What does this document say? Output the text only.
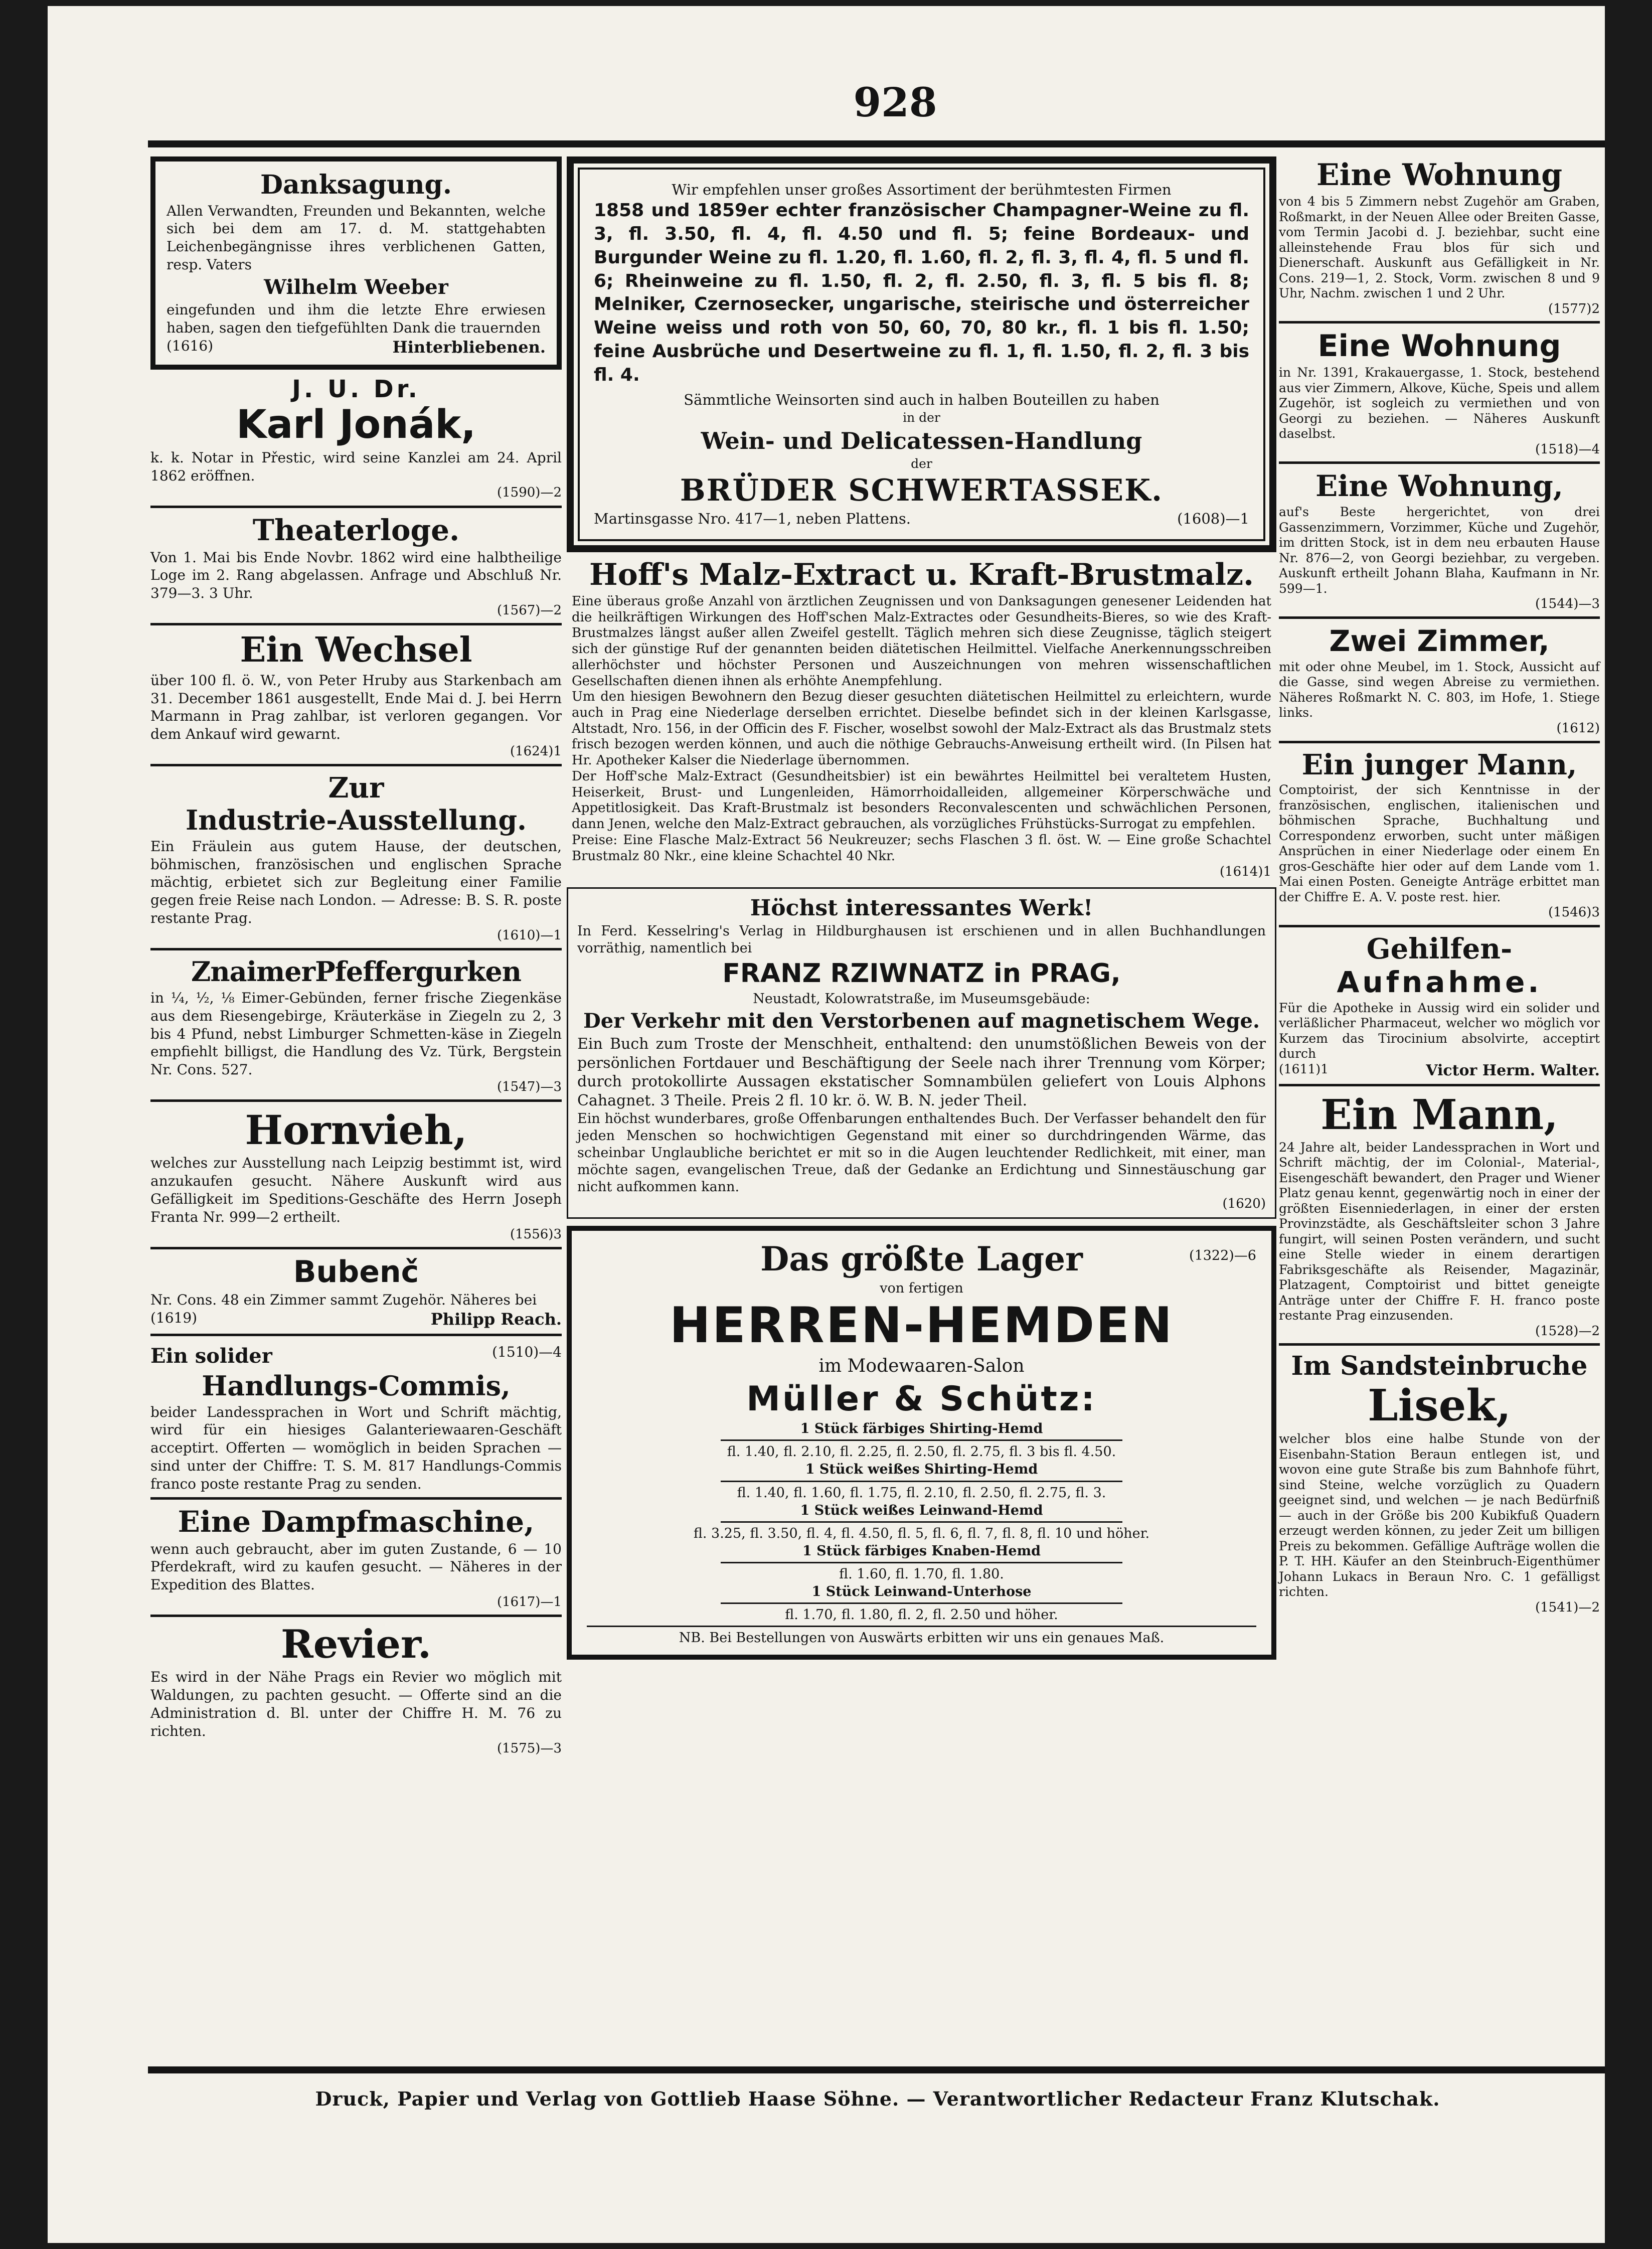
928
Danksagung.

Allen Verwandten, Freunden und Bekannten, welche sich bei dem am 17. d. M. stattgehabten Leichenbegängnisse ihres verblichenen Gatten, resp. Vaters

Wilhelm Weeber

eingefunden und ihm die letzte Ehre erwiesen haben, sagen den tiefgefühlten Dank die trauernden

(1616)	Hinterbliebenen.
J. U. Dr.
Karl Jonák,

k. k. Notar in Přestic, wird seine Kanzlei am 24. April 1862 eröffnen.

(1590)—2
Theaterloge.

Von 1. Mai bis Ende Novbr. 1862 wird eine halbtheilige Loge im 2. Rang abgelassen. Anfrage und Abschluß Nr. 379—3. 3 Uhr.

(1567)—2
Ein Wechsel

über 100 fl. ö. W., von Peter Hruby aus Starkenbach am 31. December 1861 ausgestellt, Ende Mai d. J. bei Herrn Marmann in Prag zahlbar, ist verloren gegangen. Vor dem Ankauf wird gewarnt.

(1624)1
Zur
Industrie-Ausstellung.

Ein Fräulein aus gutem Hause, der deutschen, böhmischen, französischen und englischen Sprache mächtig, erbietet sich zur Begleitung einer Familie gegen freie Reise nach London. — Adresse: B. S. R. poste restante Prag.

(1610)—1
ZnaimerPfeffergurken

in ¼, ½, ⅛ Eimer-Gebünden, ferner frische Ziegenkäse aus dem Riesengebirge, Kräuterkäse in Ziegeln zu 2, 3 bis 4 Pfund, nebst Limburger Schmetten-käse in Ziegeln empfiehlt billigst, die Handlung des Vz. Türk, Bergstein Nr. Cons. 527.

(1547)—3
Hornvieh,

welches zur Ausstellung nach Leipzig bestimmt ist, wird anzukaufen gesucht. Nähere Auskunft wird aus Gefälligkeit im Speditions-Geschäfte des Herrn Joseph Franta Nr. 999—2 ertheilt.

(1556)3
Bubenč

Nr. Cons. 48 ein Zimmer sammt Zugehör. Näheres bei

(1619)	Philipp Reach.
Ein solider	(1510)—4
Handlungs-Commis,

beider Landessprachen in Wort und Schrift mächtig, wird für ein hiesiges Galanteriewaaren-Geschäft acceptirt. Offerten — womöglich in beiden Sprachen — sind unter der Chiffre: T. S. M. 817 Handlungs-Commis franco poste restante Prag zu senden.

Eine Dampfmaschine,

wenn auch gebraucht, aber im guten Zustande, 6 — 10 Pferdekraft, wird zu kaufen gesucht. — Näheres in der Expedition des Blattes.

(1617)—1
Revier.

Es wird in der Nähe Prags ein Revier wo möglich mit Waldungen, zu pachten gesucht. — Offerte sind an die Administration d. Bl. unter der Chiffre H. M. 76 zu richten.

(1575)—3

Wir empfehlen unser großes Assortiment der berühmtesten Firmen

1858 und 1859er echter französischer Champagner-Weine zu fl. 3, fl. 3.50, fl. 4, fl. 4.50 und fl. 5; feine Bordeaux- und Burgunder Weine zu fl. 1.20, fl. 1.60, fl. 2, fl. 3, fl. 4, fl. 5 und fl. 6; Rheinweine zu fl. 1.50, fl. 2, fl. 2.50, fl. 3, fl. 5 bis fl. 8; Melniker, Czernosecker, ungarische, steirische und österreicher Weine weiss und roth von 50, 60, 70, 80 kr., fl. 1 bis fl. 1.50; feine Ausbrüche und Desertweine zu fl. 1, fl. 1.50, fl. 2, fl. 3 bis fl. 4.

Sämmtliche Weinsorten sind auch in halben Bouteillen zu haben

in der

Wein- und Delicatessen-Handlung

der

BRÜDER SCHWERTASSEK.
Martinsgasse Nro. 417—1, neben Plattens.	(1608)—1
Hoff's Malz-Extract u. Kraft-Brustmalz.

Eine überaus große Anzahl von ärztlichen Zeugnissen und von Danksagungen genesener Leidenden hat die heilkräftigen Wirkungen des Hoff'schen Malz-Extractes oder Gesundheits-Bieres, so wie des Kraft-Brustmalzes längst außer allen Zweifel gestellt. Täglich mehren sich diese Zeugnisse, täglich steigert sich der günstige Ruf der genannten beiden diätetischen Heilmittel. Vielfache Anerkennungsschreiben allerhöchster und höchster Personen und Auszeichnungen von mehren wissenschaftlichen Gesellschaften dienen ihnen als erhöhte Anempfehlung.

Um den hiesigen Bewohnern den Bezug dieser gesuchten diätetischen Heilmittel zu erleichtern, wurde auch in Prag eine Niederlage derselben errichtet. Dieselbe befindet sich in der kleinen Karlsgasse, Altstadt, Nro. 156, in der Officin des F. Fischer, woselbst sowohl der Malz-Extract als das Brustmalz stets frisch bezogen werden können, und auch die nöthige Gebrauchs-Anweisung ertheilt wird. (In Pilsen hat Hr. Apotheker Kalser die Niederlage übernommen.

Der Hoff'sche Malz-Extract (Gesundheitsbier) ist ein bewährtes Heilmittel bei veraltetem Husten, Heiserkeit, Brust- und Lungenleiden, Hämorrhoidalleiden, allgemeiner Körperschwäche und Appetitlosigkeit. Das Kraft-Brustmalz ist besonders Reconvalescenten und schwächlichen Personen, dann Jenen, welche den Malz-Extract gebrauchen, als vorzügliches Frühstücks-Surrogat zu empfehlen.

Preise: Eine Flasche Malz-Extract 56 Neukreuzer; sechs Flaschen 3 fl. öst. W. — Eine große Schachtel Brustmalz 80 Nkr., eine kleine Schachtel 40 Nkr.

(1614)1
Höchst interessantes Werk!

In Ferd. Kesselring's Verlag in Hildburghausen ist erschienen und in allen Buchhandlungen vorräthig, namentlich bei

FRANZ RZIWNATZ in PRAG,

Neustadt, Kolowratstraße, im Museumsgebäude:

Der Verkehr mit den Verstorbenen auf magnetischem Wege.

Ein Buch zum Troste der Menschheit, enthaltend: den unumstößlichen Beweis von der persönlichen Fortdauer und Beschäftigung der Seele nach ihrer Trennung vom Körper; durch protokollirte Aussagen ekstatischer Somnambülen geliefert von Louis Alphons Cahagnet. 3 Theile. Preis 2 fl. 10 kr. ö. W. B. N. jeder Theil.

Ein höchst wunderbares, große Offenbarungen enthaltendes Buch. Der Verfasser behandelt den für jeden Menschen so hochwichtigen Gegenstand mit einer so durchdringenden Wärme, das scheinbar Unglaubliche berichtet er mit so in die Augen leuchtender Redlichkeit, mit einer, man möchte sagen, evangelischen Treue, daß der Gedanke an Erdichtung und Sinnestäuschung gar nicht aufkommen kann.

(1620)
Das größte Lager	(1322)—6

von fertigen

HERREN-HEMDEN

im Modewaaren-Salon

Müller & Schütz:

1 Stück färbiges Shirting-Hemd

fl. 1.40, fl. 2.10, fl. 2.25, fl. 2.50, fl. 2.75, fl. 3 bis fl. 4.50.

1 Stück weißes Shirting-Hemd

fl. 1.40, fl. 1.60, fl. 1.75, fl. 2.10, fl. 2.50, fl. 2.75, fl. 3.

1 Stück weißes Leinwand-Hemd

fl. 3.25, fl. 3.50, fl. 4, fl. 4.50, fl. 5, fl. 6, fl. 7, fl. 8, fl. 10 und höher.

1 Stück färbiges Knaben-Hemd

fl. 1.60, fl. 1.70, fl. 1.80.

1 Stück Leinwand-Unterhose

fl. 1.70, fl. 1.80, fl. 2, fl. 2.50 und höher.

NB. Bei Bestellungen von Auswärts erbitten wir uns ein genaues Maß.

Eine Wohnung

von 4 bis 5 Zimmern nebst Zugehör am Graben, Roßmarkt, in der Neuen Allee oder Breiten Gasse, vom Termin Jacobi d. J. beziehbar, sucht eine alleinstehende Frau blos für sich und Dienerschaft. Auskunft aus Gefälligkeit in Nr. Cons. 219—1, 2. Stock, Vorm. zwischen 8 und 9 Uhr, Nachm. zwischen 1 und 2 Uhr.

(1577)2
Eine Wohnung

in Nr. 1391, Krakauergasse, 1. Stock, bestehend aus vier Zimmern, Alkove, Küche, Speis und allem Zugehör, ist sogleich zu vermiethen und von Georgi zu beziehen. — Näheres Auskunft daselbst.

(1518)—4
Eine Wohnung,

auf's Beste hergerichtet, von drei Gassenzimmern, Vorzimmer, Küche und Zugehör, im dritten Stock, ist in dem neu erbauten Hause Nr. 876—2, von Georgi beziehbar, zu vergeben. Auskunft ertheilt Johann Blaha, Kaufmann in Nr. 599—1.

(1544)—3
Zwei Zimmer,

mit oder ohne Meubel, im 1. Stock, Aussicht auf die Gasse, sind wegen Abreise zu vermiethen. Näheres Roßmarkt N. C. 803, im Hofe, 1. Stiege links.

(1612)
Ein junger Mann,

Comptoirist, der sich Kenntnisse in der französischen, englischen, italienischen und böhmischen Sprache, Buchhaltung und Correspondenz erworben, sucht unter mäßigen Ansprüchen in einer Niederlage oder einem En gros-Geschäfte hier oder auf dem Lande vom 1. Mai einen Posten. Geneigte Anträge erbittet man der Chiffre E. A. V. poste rest. hier.

(1546)3
Gehilfen-
Aufnahme.

Für die Apotheke in Aussig wird ein solider und verläßlicher Pharmaceut, welcher wo möglich vor Kurzem das Tirocinium absolvirte, acceptirt durch

(1611)1	Victor Herm. Walter.
Ein Mann,

24 Jahre alt, beider Landessprachen in Wort und Schrift mächtig, der im Colonial-, Material-, Eisengeschäft bewandert, den Prager und Wiener Platz genau kennt, gegenwärtig noch in einer der größten Eisenniederlagen, in einer der ersten Provinzstädte, als Geschäftsleiter schon 3 Jahre fungirt, will seinen Posten verändern, und sucht eine Stelle wieder in einem derartigen Fabriksgeschäfte als Reisender, Magazinär, Platzagent, Comptoirist und bittet geneigte Anträge unter der Chiffre F. H. franco poste restante Prag einzusenden.

(1528)—2
Im Sandsteinbruche
Lisek,

welcher blos eine halbe Stunde von der Eisenbahn-Station Beraun entlegen ist, und wovon eine gute Straße bis zum Bahnhofe führt, sind Steine, welche vorzüglich zu Quadern geeignet sind, und welchen — je nach Bedürfniß — auch in der Größe bis 200 Kubikfuß Quadern erzeugt werden können, zu jeder Zeit um billigen Preis zu bekommen. Gefällige Aufträge wollen die P. T. HH. Käufer an den Steinbruch-Eigenthümer Johann Lukacs in Beraun Nro. C. 1 gefälligst richten.

(1541)—2
Druck, Papier und Verlag von Gottlieb Haase Söhne. — Verantwortlicher Redacteur Franz Klutschak.
